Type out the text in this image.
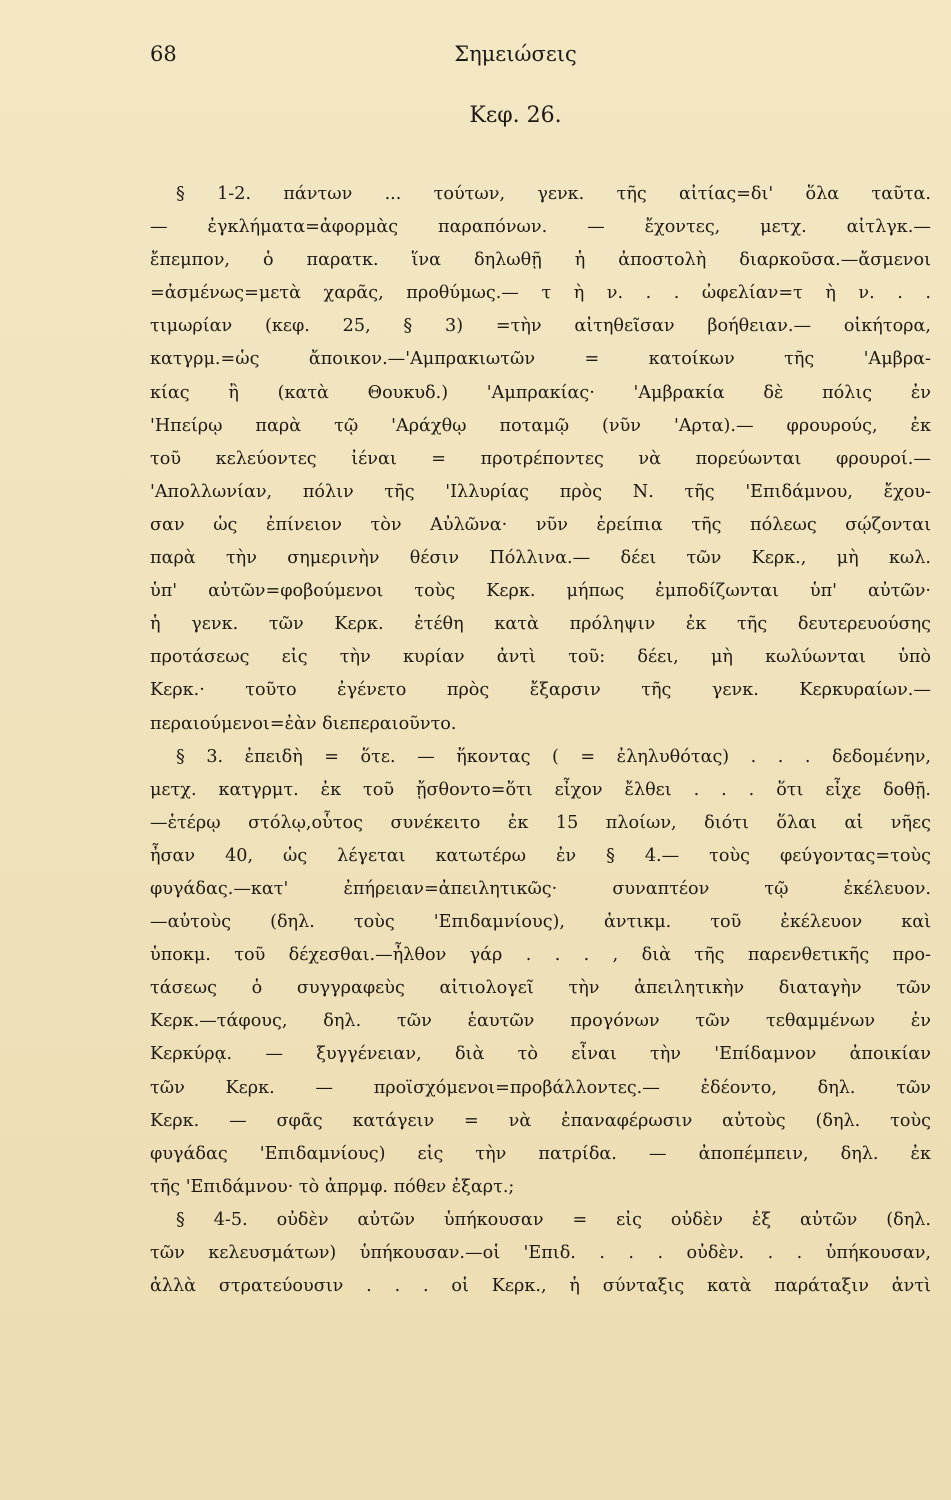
68	Σημειώσεις
Κεφ. 26.
§ 1-2. πάντων ... τούτων, γενκ. τῆς αἰτίας=δι' ὅλα ταῦτα.
— ἐγκλήματα=ἀφορμὰς παραπόνων. — ἔχοντες, μετχ. αἰτλγκ.—
ἔπεμπον, ὁ παρατκ. ἵνα δηλωθῇ ἡ ἀποστολὴ διαρκοῦσα.—ἄσμενοι
=ἀσμένως=μετὰ χαρᾶς, προθύμως.— τ ὴ ν. . . ὠφελίαν=τ ὴ ν. . .
τιμωρίαν (κεφ. 25, § 3) =τὴν αἰτηθεῖσαν βοήθειαν.— οἰκήτορα,
κατγρμ.=ὡς ἄποικον.—'Αμπρακιωτῶν = κατοίκων τῆς 'Αμβρα-
κίας ἢ (κατὰ Θουκυδ.) 'Αμπρακίας· 'Αμβρακία δὲ πόλις ἐν
'Ηπείρῳ παρὰ τῷ 'Αράχθῳ ποταμῷ (νῦν 'Αρτα).— φρουρούς, ἐκ
τοῦ κελεύοντες ἰέναι = προτρέποντες νὰ πορεύωνται φρουροί.—
'Απολλωνίαν, πόλιν τῆς 'Ιλλυρίας πρὸς Ν. τῆς 'Επιδάμνου, ἔχου-
σαν ὡς ἐπίνειον τὸν Αὐλῶνα· νῦν ἐρείπια τῆς πόλεως σῴζονται
παρὰ τὴν σημερινὴν θέσιν Πόλλινα.— δέει τῶν Κερκ., μὴ κωλ.
ὑπ' αὐτῶν=φοβούμενοι τοὺς Κερκ. μήπως ἐμποδίζωνται ὑπ' αὐτῶν·
ἡ γενκ. τῶν Κερκ. ἐτέθη κατὰ πρόληψιν ἐκ τῆς δευτερευούσης
προτάσεως εἰς τὴν κυρίαν ἀντὶ τοῦ: δέει, μὴ κωλύωνται ὑπὸ
Κερκ.· τοῦτο ἐγένετο πρὸς ἔξαρσιν τῆς γενκ. Κερκυραίων.—
περαιούμενοι=ἐὰν διεπεραιοῦντο.
§ 3. ἐπειδὴ = ὅτε. — ἥκοντας ( = ἐληλυθότας) . . . δεδομένην,
μετχ. κατγρμτ. ἐκ τοῦ ᾔσθοντο=ὅτι εἶχον ἔλθει . . . ὅτι εἶχε δοθῇ.
—ἑτέρῳ στόλῳ,οὗτος συνέκειτο ἐκ 15 πλοίων, διότι ὅλαι αἱ νῆες
ἦσαν 40, ὡς λέγεται κατωτέρω ἐν § 4.— τοὺς φεύγοντας=τοὺς
φυγάδας.—κατ' ἐπήρειαν=ἀπειλητικῶς· συναπτέον τῷ ἐκέλευον.
—αὐτοὺς (δηλ. τοὺς 'Επιδαμνίους), ἀντικμ. τοῦ ἐκέλευον καὶ
ὑποκμ. τοῦ δέχεσθαι.—ἦλθον γάρ . . . , διὰ τῆς παρενθετικῆς προ-
τάσεως ὁ συγγραφεὺς αἰτιολογεῖ τὴν ἀπειλητικὴν διαταγὴν τῶν
Κερκ.—τάφους, δηλ. τῶν ἑαυτῶν προγόνων τῶν τεθαμμένων ἐν
Κερκύρᾳ. — ξυγγένειαν, διὰ τὸ εἶναι τὴν 'Επίδαμνον ἀποικίαν
τῶν Κερκ. — προϊσχόμενοι=προβάλλοντες.— ἐδέοντο, δηλ. τῶν
Κερκ. — σφᾶς κατάγειν = νὰ ἐπαναφέρωσιν αὐτοὺς (δηλ. τοὺς
φυγάδας 'Επιδαμνίους) εἰς τὴν πατρίδα. — ἀποπέμπειν, δηλ. ἐκ
τῆς 'Επιδάμνου· τὸ ἀπρμφ. πόθεν ἐξαρτ.;
§ 4-5. οὐδὲν αὐτῶν ὑπήκουσαν = εἰς οὐδὲν ἐξ αὐτῶν (δηλ.
τῶν κελευσμάτων) ὑπήκουσαν.—οἱ 'Επιδ. . . . οὐδὲν. . . ὑπήκουσαν,
ἀλλὰ στρατεύουσιν . . . οἱ Κερκ., ἡ σύνταξις κατὰ παράταξιν ἀντὶ
